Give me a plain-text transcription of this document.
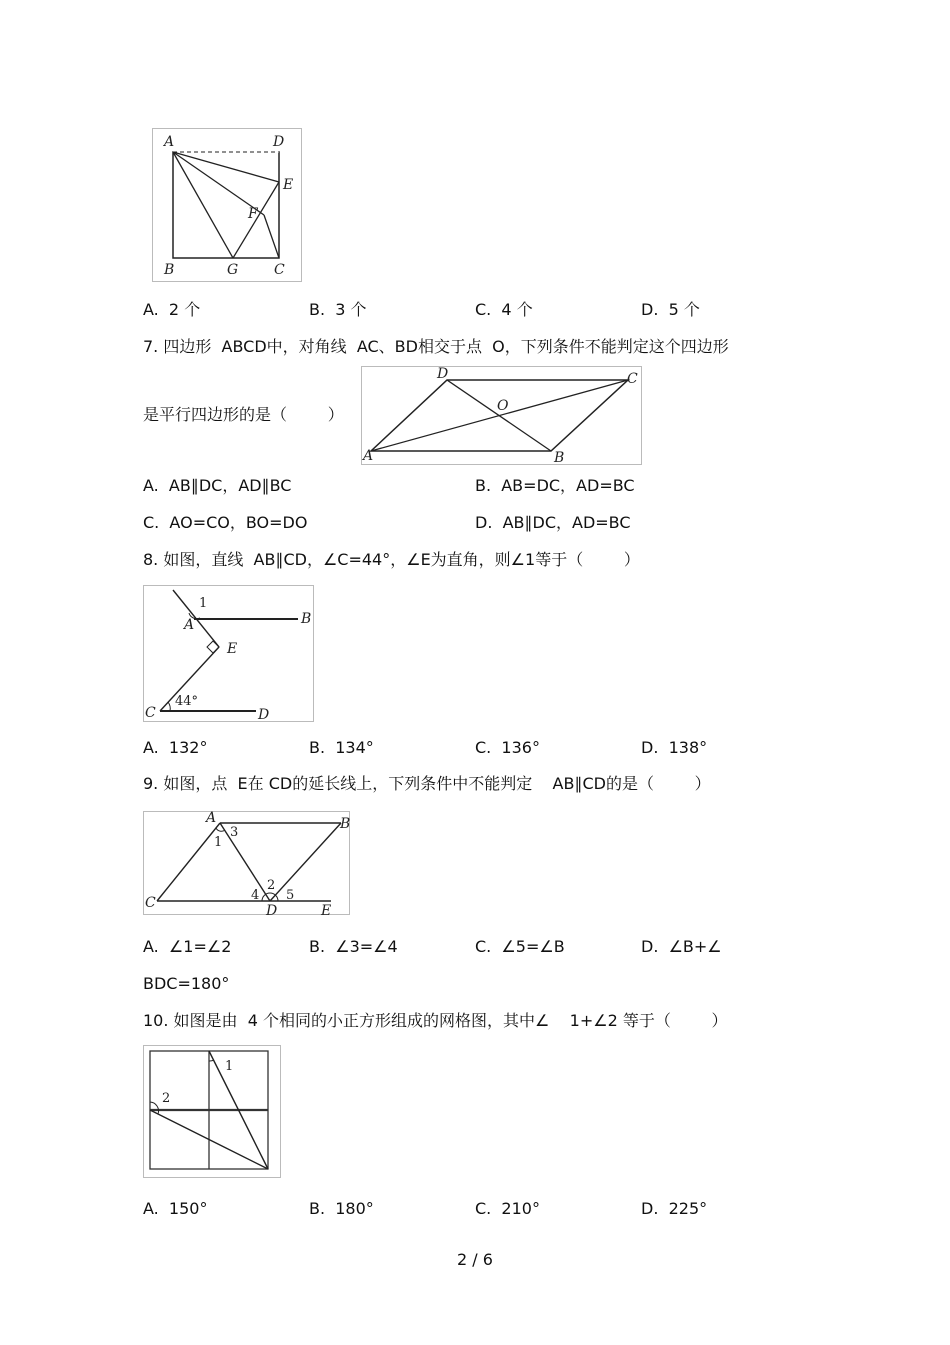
A	D
E
F
B	G	C
A.  2 个	B.  3 个	C.  4 个	D.  5 个
7. 四边形  ABCD中，对角线  AC、BD相交于点  O，下列条件不能判定这个四边形
是平行四边形的是（        ）
D	C
O
A	B
A.  AB∥DC，AD∥BC	B.  AB=DC，AD=BC
C.  AO=CO，BO=DO	D.  AB∥DC，AD=BC
8. 如图，直线  AB∥CD，∠C=44°，∠E为直角，则∠1等于（        ）
1
A	B
E
44°
C	D
A.  132°	B.  134°	C.  136°	D.  138°
9. 如图，点  E在 CD的延长线上，下列条件中不能判定    AB∥CD的是（        ）
A	B
3
1
2
4 5
C	D	E
A.  ∠1=∠2	B.  ∠3=∠4	C.  ∠5=∠B	D.  ∠B+∠
BDC=180°
10. 如图是由  4 个相同的小正方形组成的网格图，其中∠    1+∠2 等于（        ）
1
2
A.  150°	B.  180°	C.  210°	D.  225°
2 / 6
